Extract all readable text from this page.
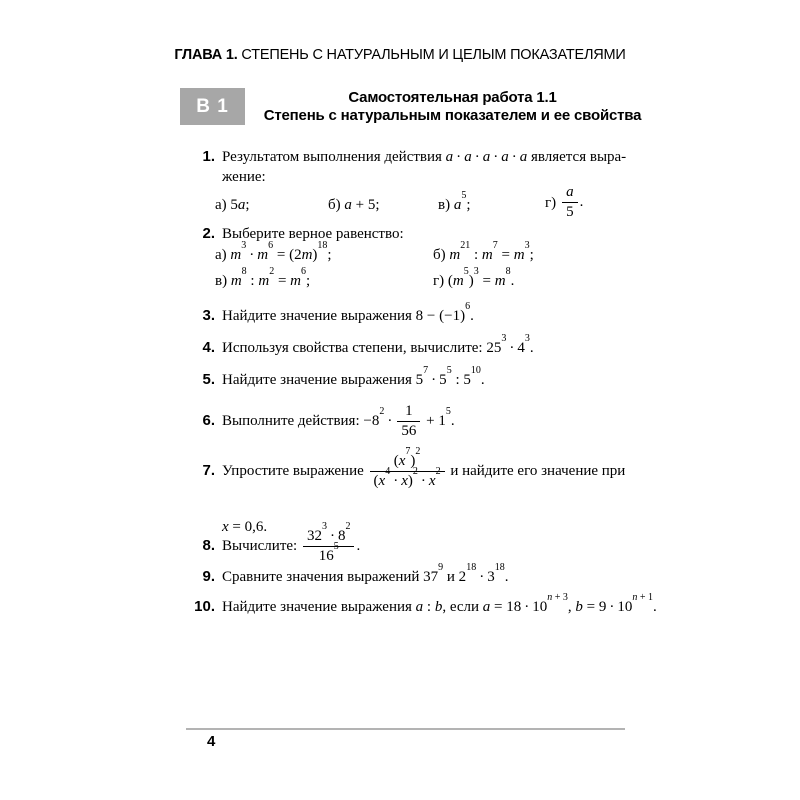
ГЛАВА 1. СТЕПЕНЬ С НАТУРАЛЬНЫМ И ЦЕЛЫМ ПОКАЗАТЕЛЯМИ
В 1	Самостоятельная работа 1.1
Степень с натуральным показателем и ее свойства
1. Результатом выполнения действия a · a · a · a · a является выра-
жение:
а) 5a;	б) a + 5;	в) $a^5$;	$г) \frac{a}{5}$ .
2. Выберите верное равенство:
а) $m^3 \cdot m^6 = (2m)^{18}$;	б) $m^{21}$ : $m^7 = m^3$;
в) $m^8$ : $m^2 = m^6$;	г) $(m^5)^3 = m^8$.
3. Найдите значение выражения $8 - (-1)^6$.
4. Используя свойства степени, вычислите: $25^3 \cdot 4^3$.
5. Найдите значение выражения $5^7 \cdot 5^5$ : $5^{10}$.
6. Выполните действия: $-8^2 \cdot \frac{1}{56} + 1^5$.
7. Упростите выражение $\frac{(x^7)^2}{(x^4 \cdot x)^2 \cdot x^2}$ и найдите его значение при
x = 0,6.
8. Вычислите: $\frac{32^3 \cdot 8^2}{16^5}$ .
9. Сравните значения выражений $37^9$ и $2^{18} \cdot 3^{18}$.
10. Найдите значение выражения a : b, если $a = 18 \cdot 10^{n + 3}$, $b = 9 \cdot 10^{n + 1}$.
4
